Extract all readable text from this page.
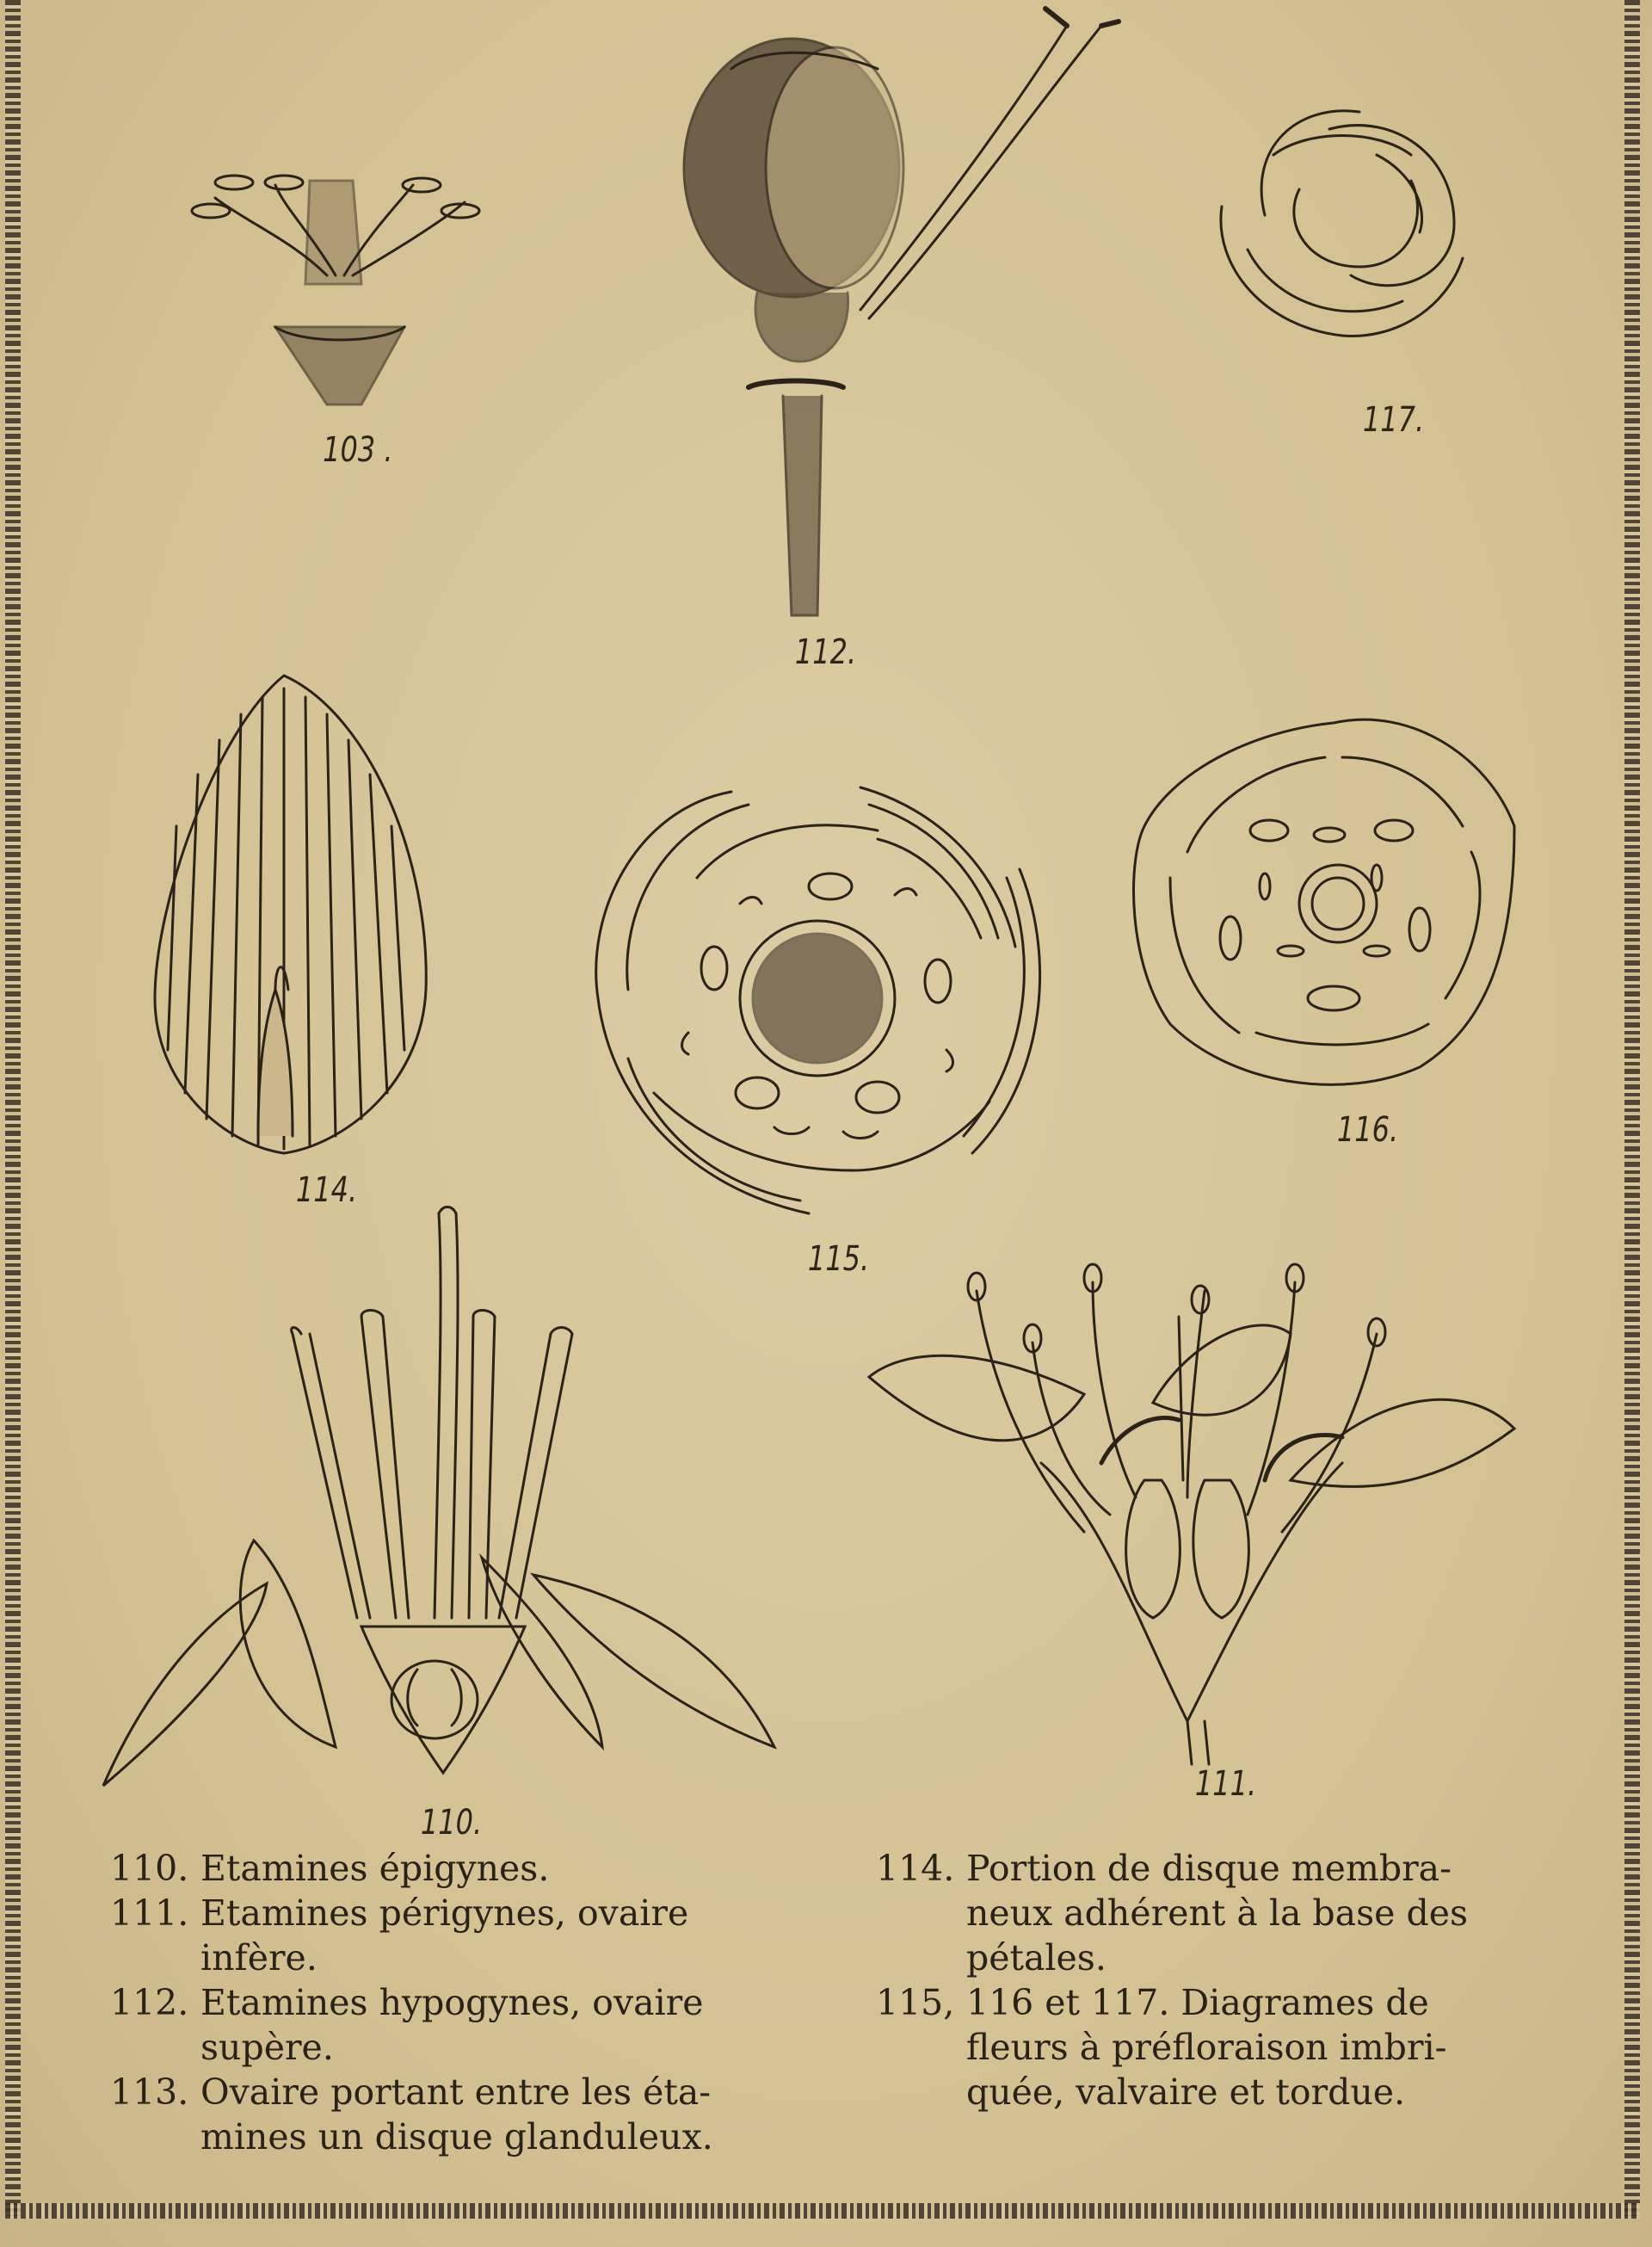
103 .
112.
117.
114.
115.
116.
110.
111.
110. Etamines épigynes.
111. Etamines périgynes, ovaire
infère.
112. Etamines hypogynes, ovaire
supère.
113. Ovaire portant entre les éta-
mines un disque glanduleux.
114. Portion de disque membra-
neux adhérent à la base des
pétales.
115, 116 et 117. Diagrames de
fleurs à préfloraison imbri-
quée, valvaire et tordue.
